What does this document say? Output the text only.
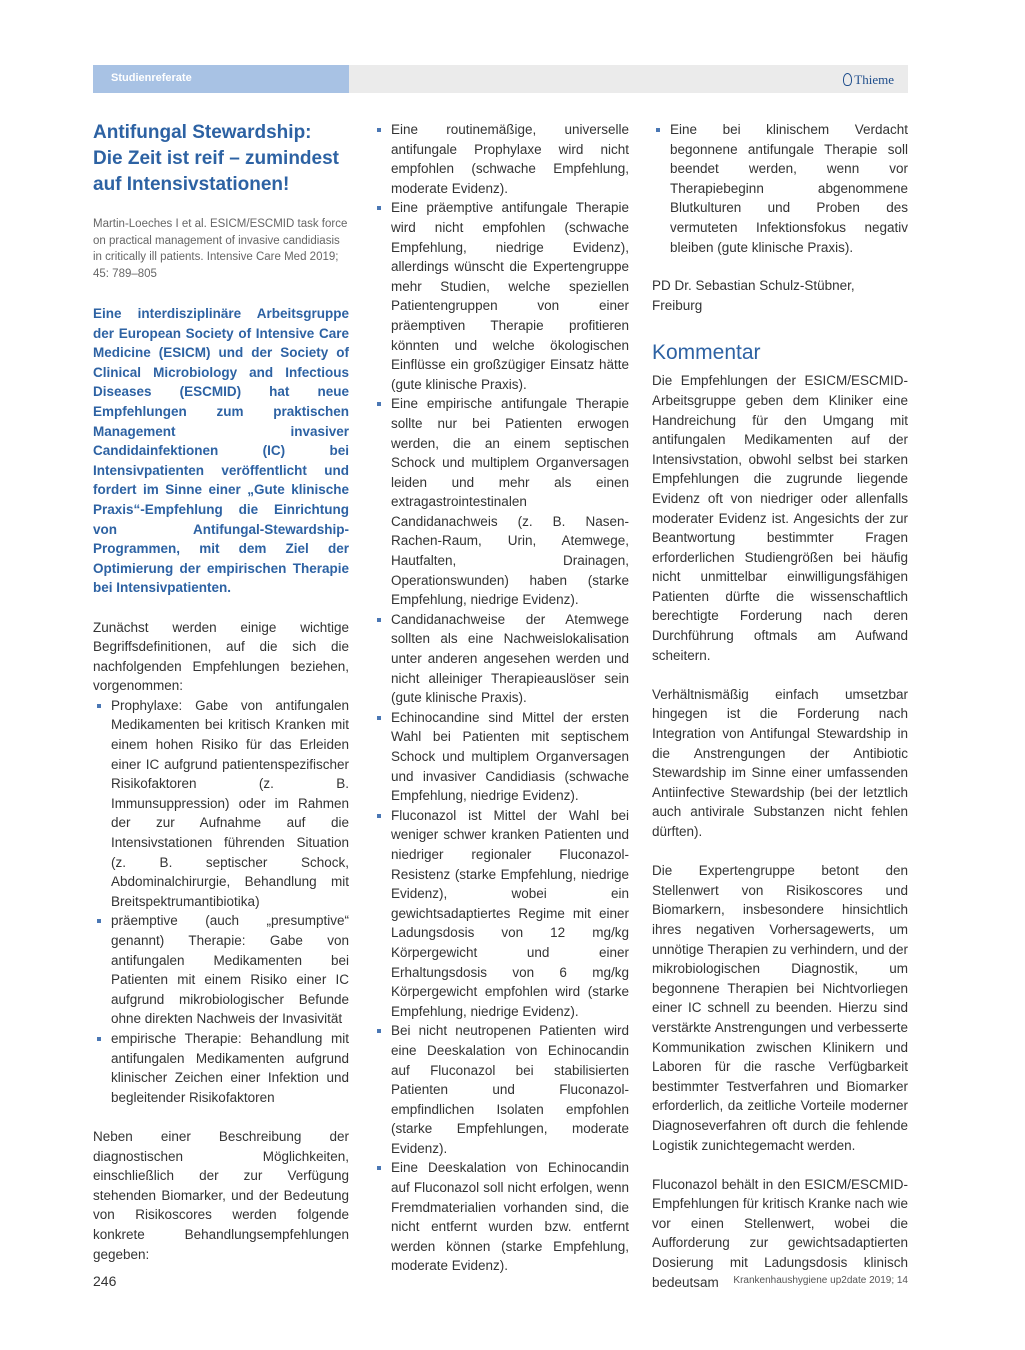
Studienreferate	Thieme
Antifungal Stewardship:
Die Zeit ist reif – zumindest
auf Intensivstationen!

Martin-Loeches I et al. ESICM/ESCMID task force on practical management of invasive candidiasis in critically ill patients. Intensive Care Med 2019; 45: 789–805

Eine interdisziplinäre Arbeitsgruppe der European Society of Intensive Care Medicine (ESICM) und der Society of Clinical Microbiology and Infectious Diseases (ESCMID) hat neue Empfehlungen zum praktischen Management invasiver Candidainfektionen (IC) bei Intensivpatienten veröffentlicht und fordert im Sinne einer „Gute klinische Praxis“-Empfehlung die Einrichtung von Antifungal-Stewardship-Programmen, mit dem Ziel der Optimierung der empirischen Therapie bei Intensivpatienten.

Zunächst werden einige wichtige Begriffsdefinitionen, auf die sich die nachfolgenden Empfehlungen beziehen, vorgenommen:

Prophylaxe: Gabe von antifungalen Medikamenten bei kritisch Kranken mit einem hohen Risiko für das Erleiden einer IC aufgrund patientenspezifischer Risikofaktoren (z. B. Immunsuppression) oder im Rahmen der zur Aufnahme auf die Intensivstationen führenden Situation (z. B. septischer Schock, Abdominalchirurgie, Behandlung mit Breitspektrumantibiotika)
präemptive (auch „presumptive“ genannt) Therapie: Gabe von antifungalen Medikamenten bei Patienten mit einem Risiko einer IC aufgrund mikrobiologischer Befunde ohne direkten Nachweis der Invasivität
empirische Therapie: Behandlung mit antifungalen Medikamenten aufgrund klinischer Zeichen einer Infektion und begleitender Risikofaktoren

Neben einer Beschreibung der diagnostischen Möglichkeiten, einschließlich der zur Verfügung stehenden Biomarker, und der Bedeutung von Risikoscores werden folgende konkrete Behandlungsempfehlungen gegeben:

Eine routinemäßige, universelle antifungale Prophylaxe wird nicht empfohlen (schwache Empfehlung, moderate Evidenz).
Eine präemptive antifungale Therapie wird nicht empfohlen (schwache Empfehlung, niedrige Evidenz), allerdings wünscht die Expertengruppe mehr Studien, welche speziellen Patientengruppen von einer präemptiven Therapie profitieren könnten und welche ökologischen Einflüsse ein großzügiger Einsatz hätte (gute klinische Praxis).
Eine empirische antifungale Therapie sollte nur bei Patienten erwogen werden, die an einem septischen Schock und multiplem Organversagen leiden und mehr als einen extragastrointestinalen Candidanachweis (z. B. Nasen-Rachen-Raum, Urin, Atemwege, Hautfalten, Drainagen, Operationswunden) haben (starke Empfehlung, niedrige Evidenz).
Candidanachweise der Atemwege sollten als eine Nachweislokalisation unter anderen angesehen werden und nicht alleiniger Therapieauslöser sein (gute klinische Praxis).
Echinocandine sind Mittel der ersten Wahl bei Patienten mit septischem Schock und multiplem Organversagen und invasiver Candidiasis (schwache Empfehlung, niedrige Evidenz).
Fluconazol ist Mittel der Wahl bei weniger schwer kranken Patienten und niedriger regionaler Fluconazol-Resistenz (starke Empfehlung, niedrige Evidenz), wobei ein gewichtsadaptiertes Regime mit einer Ladungsdosis von 12 mg/kg Körpergewicht und einer Erhaltungsdosis von 6 mg/kg Körpergewicht empfohlen wird (starke Empfehlung, niedrige Evidenz).
Bei nicht neutropenen Patienten wird eine Deeskalation von Echinocandin auf Fluconazol bei stabilisierten Patienten und Fluconazol-empfindlichen Isolaten empfohlen (starke Empfehlungen, moderate Evidenz).
Eine Deeskalation von Echinocandin auf Fluconazol soll nicht erfolgen, wenn Fremdmaterialien vorhanden sind, die nicht entfernt wurden bzw. entfernt werden können (starke Empfehlung, moderate Evidenz).
Eine bei klinischem Verdacht begonnene antifungale Therapie soll beendet werden, wenn vor Therapiebeginn abgenommene Blutkulturen und Proben des vermuteten Infektionsfokus negativ bleiben (gute klinische Praxis).

PD Dr. Sebastian Schulz-Stübner, Freiburg

Kommentar

Die Empfehlungen der ESICM/ESCMID-Arbeitsgruppe geben dem Kliniker eine Handreichung für den Umgang mit antifungalen Medikamenten auf der Intensivstation, obwohl selbst bei starken Empfehlungen die zugrunde liegende Evidenz oft von niedriger oder allenfalls moderater Evidenz ist. Angesichts der zur Beantwortung bestimmter Fragen erforderlichen Studiengrößen bei häufig nicht unmittelbar einwilligungsfähigen Patienten dürfte die wissenschaftlich berechtigte Forderung nach deren Durchführung oftmals am Aufwand scheitern.

Verhältnismäßig einfach umsetzbar hingegen ist die Forderung nach Integration von Antifungal Stewardship in die Anstrengungen der Antibiotic Stewardship im Sinne einer umfassenden Antiinfective Stewardship (bei der letztlich auch antivirale Substanzen nicht fehlen dürften).

Die Expertengruppe betont den Stellenwert von Risikoscores und Biomarkern, insbesondere hinsichtlich ihres negativen Vorhersagewerts, um unnötige Therapien zu verhindern, und der mikrobiologischen Diagnostik, um begonnene Therapien bei Nichtvorliegen einer IC schnell zu beenden. Hierzu sind verstärkte Anstrengungen und verbesserte Kommunikation zwischen Klinikern und Laboren für die rasche Verfügbarkeit bestimmter Testverfahren und Biomarker erforderlich, da zeitliche Vorteile moderner Diagnoseverfahren oft durch die fehlende Logistik zunichtegemacht werden.

Fluconazol behält in den ESICM/ESCMID-Empfehlungen für kritisch Kranke nach wie vor einen Stellenwert, wobei die Aufforderung zur gewichtsadaptierten Dosierung mit Ladungsdosis klinisch bedeutsam

246	Krankenhaushygiene up2date 2019; 14
